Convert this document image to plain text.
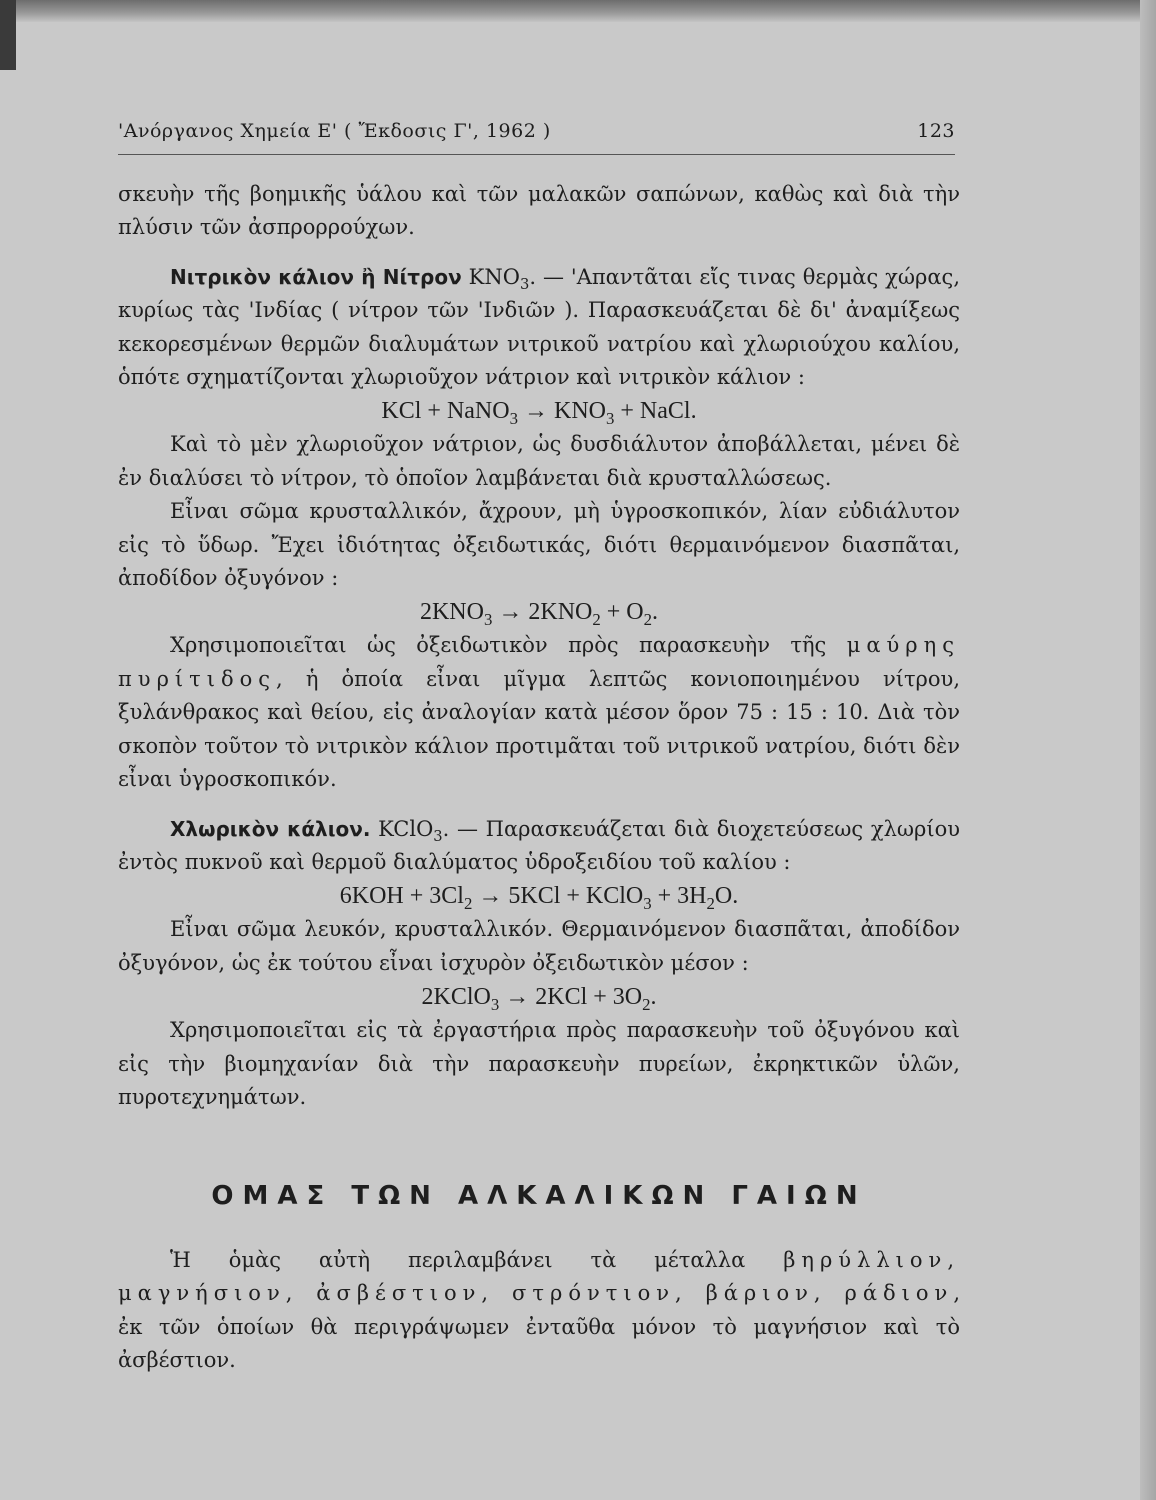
'Ανόργανος Χημεία Ε' ( Ἔκδοσις Γ', 1962 )	123

σκευὴν τῆς βοημικῆς ὑάλου καὶ τῶν μαλακῶν σαπώνων, καθὼς καὶ διὰ τὴν πλύσιν τῶν ἀσπρορρούχων.

Νιτρικὸν κάλιον ἢ Νίτρον $KNO_3$. — 'Απαντᾶται εἴς τινας θερμὰς χώρας, κυρίως τὰς 'Ινδίας ( νίτρον τῶν 'Ινδιῶν ). Παρασκευάζεται δὲ δι' ἀναμίξεως κεκορεσμένων θερμῶν διαλυμάτων νιτρικοῦ νατρίου καὶ χλωριούχου καλίου, ὁπότε σχηματίζονται χλωριοῦχον νάτριον καὶ νιτρικὸν κάλιον :

KCl + NaNO$_3$ → $KNO_3$ + NaCl.

Καὶ τὸ μὲν χλωριοῦχον νάτριον, ὡς δυσδιάλυτον ἀποβάλλεται, μένει δὲ ἐν διαλύσει τὸ νίτρον, τὸ ὁποῖον λαμβάνεται διὰ κρυσταλλώσεως.

Εἶναι σῶμα κρυσταλλικόν, ἄχρουν, μὴ ὑγροσκοπικόν, λίαν εὐδιάλυτον εἰς τὸ ὕδωρ. Ἔχει ἰδιότητας ὀξειδωτικάς, διότι θερμαινόμενον διασπᾶται, ἀποδίδον ὀξυγόνον :

$2KNO_3 \to 2KNO_2 + O_2$.

Χρησιμοποιεῖται ὡς ὀξειδωτικὸν πρὸς παρασκευὴν τῆς μαύρης πυρίτιδος, ἡ ὁποία εἶναι μῖγμα λεπτῶς κονιοποιημένου νίτρου, ξυλάνθρακος καὶ θείου, εἰς ἀναλογίαν κατὰ μέσον ὅρον 75 : 15 : 10. Διὰ τὸν σκοπὸν τοῦτον τὸ νιτρικὸν κάλιον προτιμᾶται τοῦ νιτρικοῦ νατρίου, διότι δὲν εἶναι ὑγροσκοπικόν.

Χλωρικὸν κάλιον. KClO$_3$. — Παρασκευάζεται διὰ διοχετεύσεως χλωρίου ἐντὸς πυκνοῦ καὶ θερμοῦ διαλύματος ὑδροξειδίου τοῦ καλίου :

$6KOH + 3Cl_2 \to 5KCl$ + KClO$_3$ + $3H_2O$.

Εἶναι σῶμα λευκόν, κρυσταλλικόν. Θερμαινόμενον διασπᾶται, ἀποδίδον ὀξυγόνον, ὡς ἐκ τούτου εἶναι ἰσχυρὸν ὀξειδωτικὸν μέσον :

2KClO$_3$ → $2KCl + 3O_2$.

Χρησιμοποιεῖται εἰς τὰ ἐργαστήρια πρὸς παρασκευὴν τοῦ ὀξυγόνου καὶ εἰς τὴν βιομηχανίαν διὰ τὴν παρασκευὴν πυρείων, ἐκρηκτικῶν ὑλῶν, πυροτεχνημάτων.

ΟΜΑΣ ΤΩΝ ΑΛΚΑΛΙΚΩΝ ΓΑΙΩΝ

Ἡ ὁμὰς αὐτὴ περιλαμβάνει τὰ μέταλλα βηρύλλιον, μαγνήσιον, ἀσβέστιον, στρόντιον, βάριον, ράδιον, ἐκ τῶν ὁποίων θὰ περιγράψωμεν ἐνταῦθα μόνον τὸ μαγνήσιον καὶ τὸ ἀσβέστιον.
